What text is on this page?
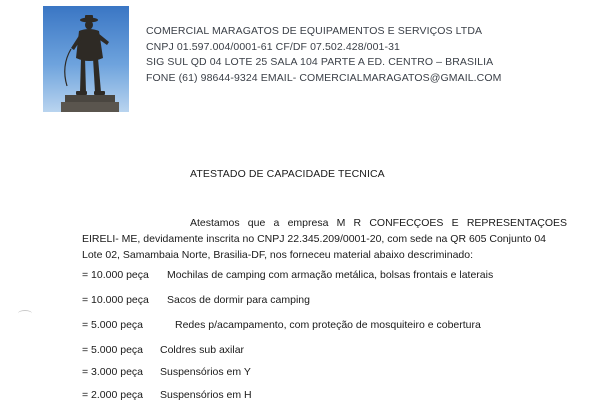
COMERCIAL MARAGATOS DE EQUIPAMENTOS E SERVIÇOS LTDA
CNPJ 01.597.004/0001-61 CF/DF 07.502.428/001-31
SIG SUL QD 04 LOTE 25 SALA 104 PARTE A ED. CENTRO – BRASILIA
FONE (61) 98644-9324 EMAIL- COMERCIALMARAGATOS@GMAIL.COM
ATESTADO DE CAPACIDADE TECNICA
Atestamos que a empresa M R CONFECÇOES E REPRESENTAÇOES
EIRELI- ME, devidamente inscrita no CNPJ 22.345.209/0001-20, com sede na QR 605 Conjunto 04
Lote 02, Samambaia Norte, Brasilia-DF, nos forneceu material abaixo descriminado:
= 10.000 peça Mochilas de camping com armação metálica, bolsas frontais e laterais
= 10.000 peça Sacos de dormir para camping
= 5.000 peça	Redes p/acampamento, com proteção de mosquiteiro e cobertura
= 5.000 peça Coldres sub axilar
= 3.000 peça Suspensórios em Y
= 2.000 peça Suspensórios em H
